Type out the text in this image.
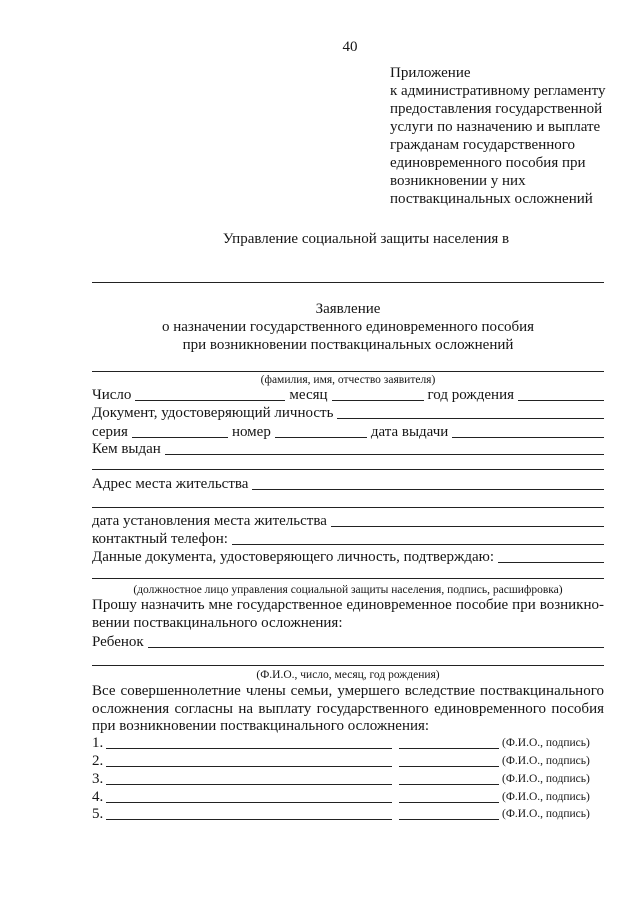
40
Приложение
к административному регламенту
предоставления государственной
услуги по назначению и выплате
гражданам государственного
единовременного пособия при
возникновении у них
поствакцинальных осложнений
Управление социальной защиты населения в
Заявление
о назначении государственного единовременного пособия
при возникновении поствакцинальных осложнений
(фамилия, имя, отчество заявителя)
Число	месяц	год рождения
Документ, удостоверяющий личность
серия	номер	дата выдачи
Кем выдан
Адрес места жительства
дата установления места жительства
контактный телефон:
Данные документа, удостоверяющего личность, подтверждаю:
(должностное лицо управления социальной защиты населения, подпись, расшифровка)
Прошу назначить мне государственное единовременное пособие при возникно-
вении поствакцинального осложнения:
Ребенок
(Ф.И.О., число, месяц, год рождения)
Все совершеннолетние члены семьи, умершего вследствие поствакцинального
осложнения согласны на выплату государственного единовременного пособия
при возникновении поствакцинального осложнения:
1.	(Ф.И.О., подпись)
2.	(Ф.И.О., подпись)
3.	(Ф.И.О., подпись)
4.	(Ф.И.О., подпись)
5.	(Ф.И.О., подпись)
